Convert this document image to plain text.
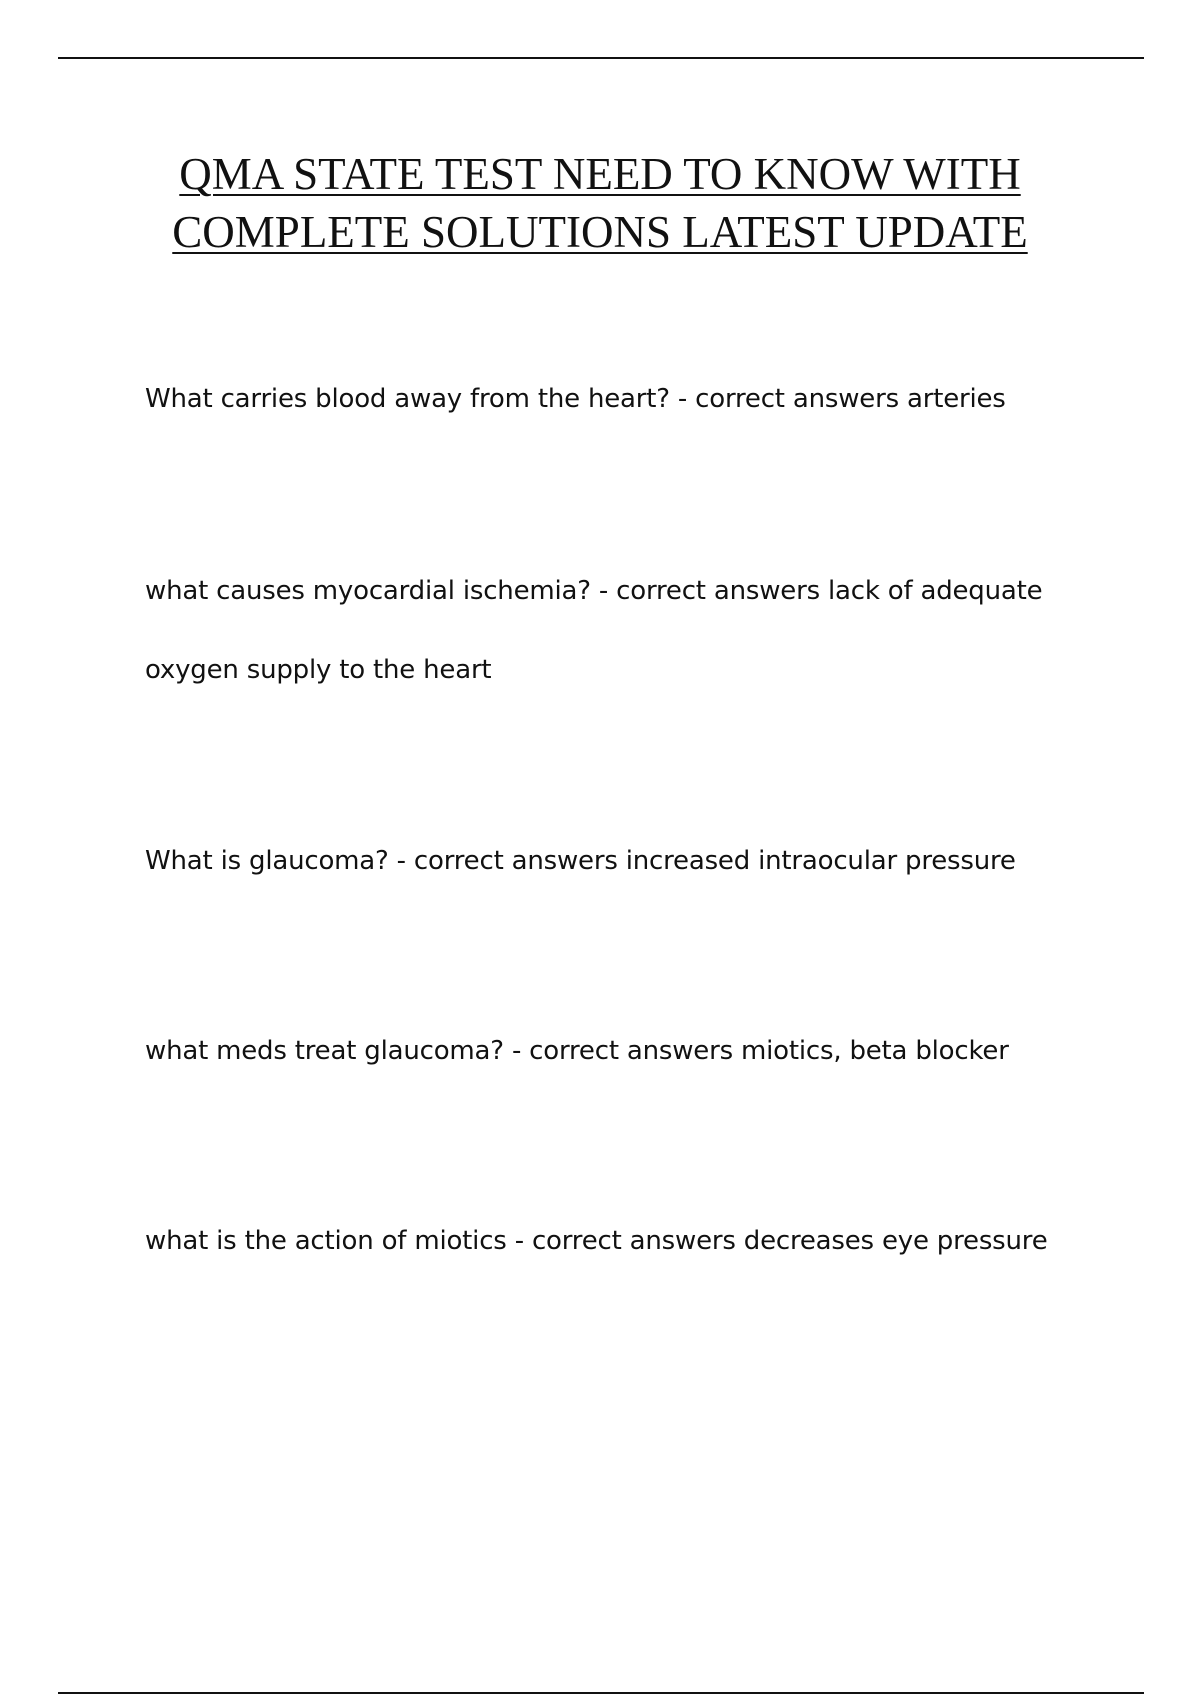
QMA STATE TEST NEED TO KNOW WITH COMPLETE SOLUTIONS LATEST UPDATE

What carries blood away from the heart? - correct answers arteries

what causes myocardial ischemia? - correct answers lack of adequate oxygen supply to the heart

What is glaucoma? - correct answers increased intraocular pressure

what meds treat glaucoma? - correct answers miotics, beta blocker

what is the action of miotics - correct answers decreases eye pressure
